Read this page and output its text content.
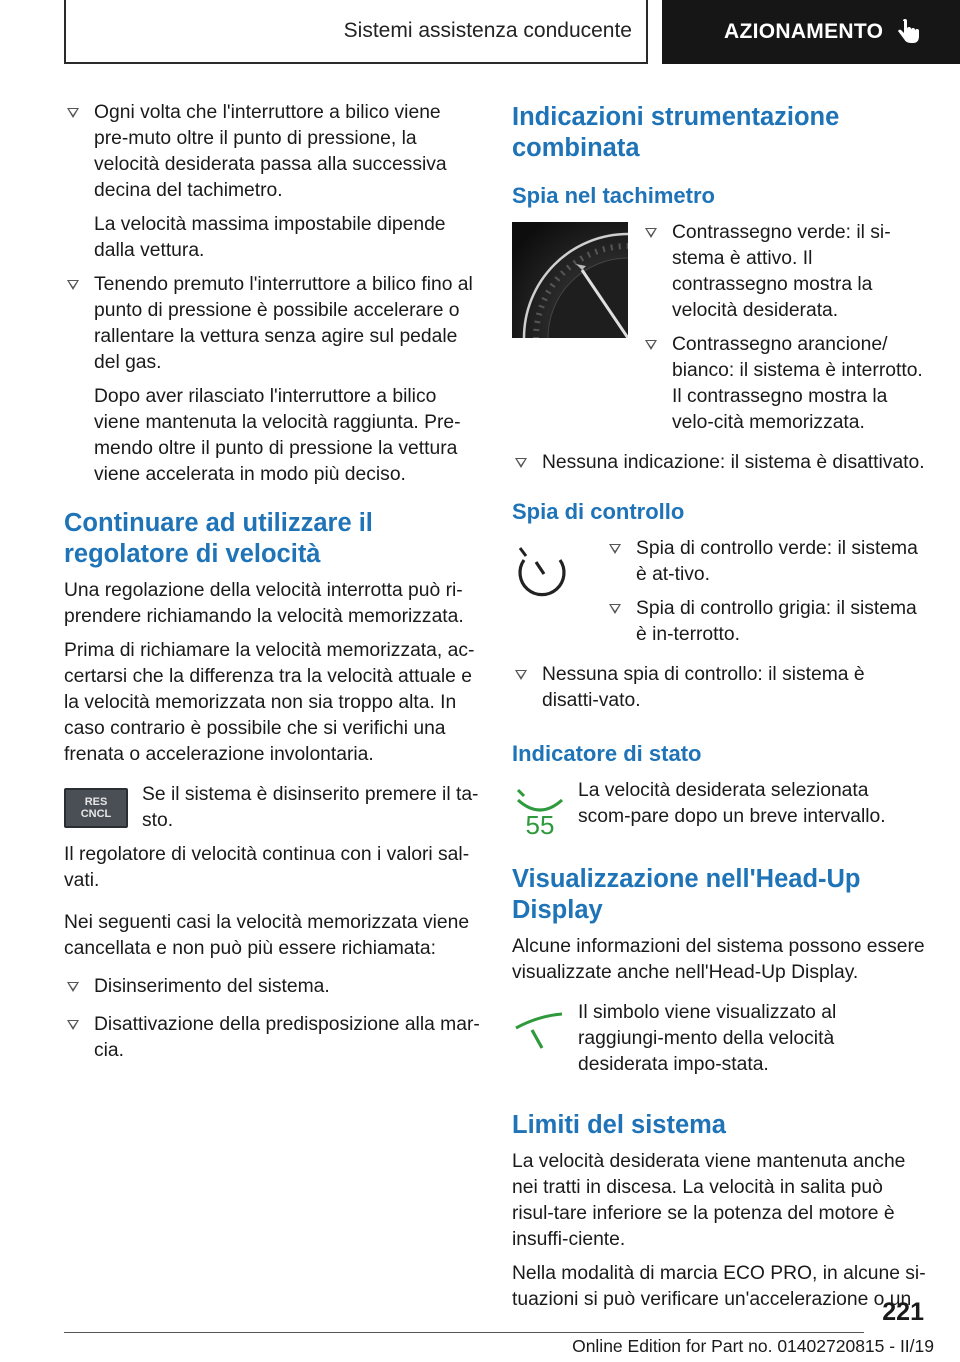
Sistemi assistenza conducente	AZIONAMENTO

Ogni volta che l'interruttore a bilico viene pre-muto oltre il punto di pressione, la velocità desiderata passa alla successiva decina del tachimetro.

La velocità massima impostabile dipende dalla vettura.

Tenendo premuto l'interruttore a bilico fino al punto di pressione è possibile accelerare o rallentare la vettura senza agire sul pedale del gas.

Dopo aver rilasciato l'interruttore a bilico viene mantenuta la velocità raggiunta. Pre-mendo oltre il punto di pressione la vettura viene accelerata in modo più deciso.

Continuare ad utilizzare il regolatore di velocità

Una regolazione della velocità interrotta può ri-prendere richiamando la velocità memorizzata.

Prima di richiamare la velocità memorizzata, ac-certarsi che la differenza tra la velocità attuale e la velocità memorizzata non sia troppo alta. In caso contrario è possibile che si verifichi una frenata o accelerazione involontaria.

RES
CNCL

Se il sistema è disinserito premere il ta-sto.

Il regolatore di velocità continua con i valori sal-vati.

Nei seguenti casi la velocità memorizzata viene cancellata e non può più essere richiamata:

Disinserimento del sistema.

Disattivazione della predisposizione alla mar-cia.

Indicazioni strumentazione combinata
Spia nel tachimetro

Contrassegno verde: il si-stema è attivo. Il contrassegno mostra la velocità desiderata.

Contrassegno arancione/ bianco: il sistema è interrotto. Il contrassegno mostra la velo-cità memorizzata.

Nessuna indicazione: il sistema è disattivato.

Spia di controllo

Spia di controllo verde: il sistema è at-tivo.

Spia di controllo grigia: il sistema è in-terrotto.

Nessuna spia di controllo: il sistema è disatti-vato.

Indicatore di stato
55

La velocità desiderata selezionata scom-pare dopo un breve intervallo.

Visualizzazione nell'Head-Up Display

Alcune informazioni del sistema possono essere visualizzate anche nell'Head-Up Display.

Il simbolo viene visualizzato al raggiungi-mento della velocità desiderata impo-stata.

Limiti del sistema

La velocità desiderata viene mantenuta anche nei tratti in discesa. La velocità in salita può risul-tare inferiore se la potenza del motore è insuffi-ciente.

Nella modalità di marcia ECO PRO, in alcune si-tuazioni si può verificare un'accelerazione o un

221
Online Edition for Part no. 01402720815 - II/19
